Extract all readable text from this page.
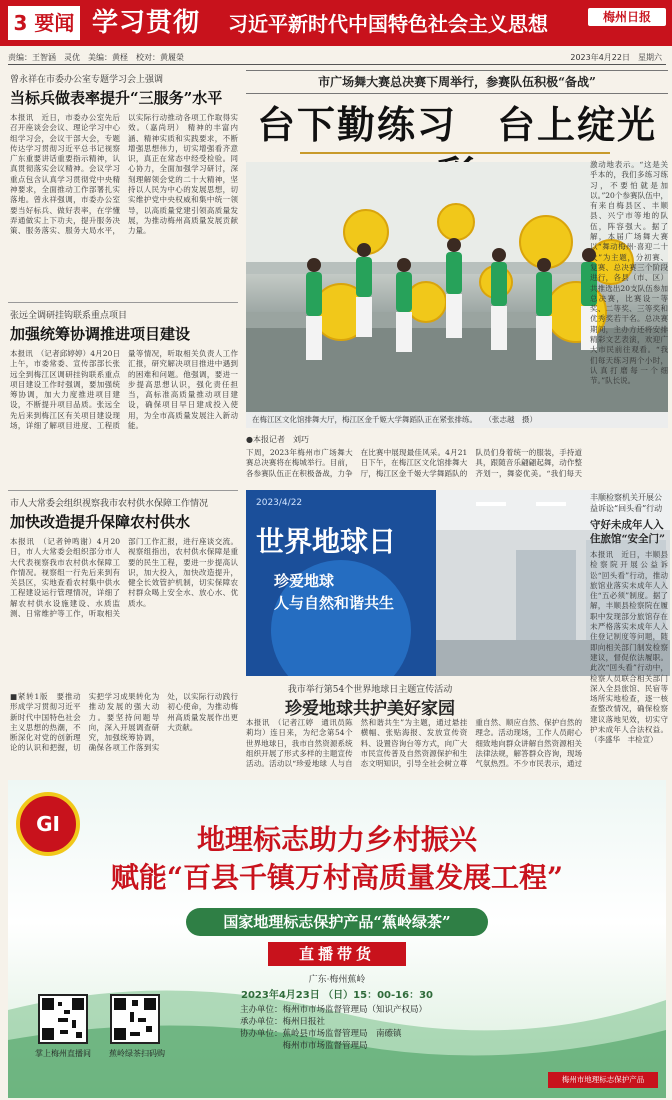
3 要闻 学习贯彻 习近平新时代中国特色社会主义思想	梅州日报
责编：王智涵　灵优　美编：黄柽　校对：黄履榮	2023年4月22日　星期六
曾永祥在市委办公室专题学习会上强调
当标兵做表率提升“三服务”水平
本报讯　近日，市委办公室先后召开座谈会会议、理论学习中心组学习会，会议干部大会，专题传达学习贯彻习近平总书记视察广东重要讲话重要指示精神，认真贯彻落实会议精神。会议学习重点包含认真学习贯彻党中央精神要求，全面推动工作部署扎实落地。曾永祥强调，市委办公室要当好标兵、做好表率，在学懂弄通做实上下功夫，提升服务决策、服务落实、服务大局水平，以实际行动推动各项工作取得实效。（嘉尚玥） 精神的丰富内涵、精神实质和实践要求，不断增强思想伟力，切实增强看齐意识，真正在常态中经受检验。同心协力，全面加强学习研讨，深刻理解领会党的二十大精神，坚持以人民为中心的发展思想，切实维护党中央权威和集中统一领导，以高质量党建引领高质量发展，为推动梅州高质量发展贡献力量。
张远全调研挂钩联系重点项目
加强统筹协调推进项目建设
本报讯　（记者邱婷婷）4月20日上午，市委常委、宣传部部长张远全到梅江区调研挂钩联系重点项目建设工作时强调，要加强统筹协调，加大力度推进项目建设，不断提升项目品质。张远全先后来到梅江区有关项目建设现场，详细了解项目进度、工程质量等情况，听取相关负责人工作汇报，研究解决项目推进中遇到的困难和问题。他强调，要进一步提高思想认识，强化责任担当，高标准高质量推动项目建设，确保项目早日建成投入使用，为全市高质量发展注入新动能。
市人大常委会组织视察我市农村供水保障工作情况
加快改造提升保障农村供水
本报讯　（记者钟鸣谢）4月20日，市人大常委会组织部分市人大代表视察我市农村供水保障工作情况。视察组一行先后来到有关县区，实地查看农村集中供水工程建设运行管理情况，详细了解农村供水设施建设、水质监测、日常维护等工作，听取相关部门工作汇报，进行座谈交流。视察组指出，农村供水保障是重要的民生工程，要进一步提高认识，加大投入，加快改造提升，健全长效管护机制，切实保障农村群众喝上安全水、放心水、优质水。
市广场舞大赛总决赛下周举行，参赛队伍积极“备战”
台下勤练习　台上绽光
在梅江区文化馆排舞大厅，梅江区金千姬大学舞蹈队正在紧张排练。　　（张志越　摄）
●本报记者　刘巧
下周，2023年梅州市广场舞大赛总决赛将在梅城举行。目前，各参赛队伍正在积极备战，力争在比赛中展现最佳风采。4月21日下午，在梅江区文化馆排舞大厅，梅江区金千姬大学舞蹈队的队员们身着统一的服装，手持道具，跟随音乐翩翩起舞，动作整齐划一，舞姿优美。“我们每天
激动地表示。“这是关乎本的，我们多练习练习，不要怕就是加以。”20个参赛队伍中，有来自梅县区、丰顺县、兴宁市等地的队伍，阵容强大。据了解，本届广场舞大赛以“舞动梅州·喜迎二十大”为主题，分初赛、复赛、总决赛三个阶段进行，各县（市、区）共推选出20支队伍参加总决赛，比赛设一等奖、二等奖、三等奖和优秀奖若干名。总决赛期间，主办方还将安排精彩文艺表演，欢迎广大市民前往观看。“我们每天练习两个小时，认真打磨每一个细节。”队长说。
2023/4/22
世界地球日
珍爱地球
人与自然和谐共生
我市举行第54个世界地球日主题宣传活动
珍爱地球共护美好家园
本报讯　（记者江婷　通讯员陈莉均）连日来，为纪念第54个世界地球日，我市自然资源系统组织开展了形式多样的主题宣传活动。活动以“珍爱地球 人与自然和谐共生”为主题，通过悬挂横幅、张贴海报、发放宣传资料、设置咨询台等方式，向广大市民宣传普及自然资源保护和生态文明知识，引导全社会树立尊重自然、顺应自然、保护自然的理念。活动现场，工作人员耐心细致地向群众讲解自然资源相关法律法规，解答群众咨询，现场气氛热烈。不少市民表示，通过
丰顺检察机关开展公益诉讼“回头看”行动
守好未成年人入住旅馆“安全门”
本报讯　近日，丰顺县检察院开展公益诉讼“回头看”行动，推动旅馆业落实未成年人入住“五必须”制度。据了解，丰顺县检察院在履职中发现部分旅馆存在未严格落实未成年人入住登记制度等问题，随即向相关部门制发检察建议，督促依法履职。此次“回头看”行动中，检察人员联合相关部门深入全县旅馆、民宿等场所实地检查，逐一核查整改情况，确保检察建议落地见效，切实守护未成年人合法权益。（李盛华　丰检宣）
■紧转1版　要推动形成学习贯彻习近平新时代中国特色社会主义思想的热潮，不断深化对党的创新理论的认识和把握，切实把学习成果转化为推动发展的强大动力。要坚持问题导向，深入开展调查研究，加强统筹协调，确保各项工作落到实处，以实际行动践行初心使命，为推动梅州高质量发展作出更大贡献。
GI	地理标志助力乡村振兴
赋能“百县千镇万村高质量发展工程”
国家地理标志保护产品“蕉岭绿茶”
直播带货
广东·梅州蕉岭
2023年4月23日 （日）15：00-16：30
主办单位：梅州市市场监督管理局（知识产权局）
承办单位：梅州日报社
协办单位：蕉岭县市场监督管理局　南礤镇
　　　　　梅州市市场监督管理局
掌上梅州直播间	蕉岭绿茶扫码购
梅州市地理标志保护产品
